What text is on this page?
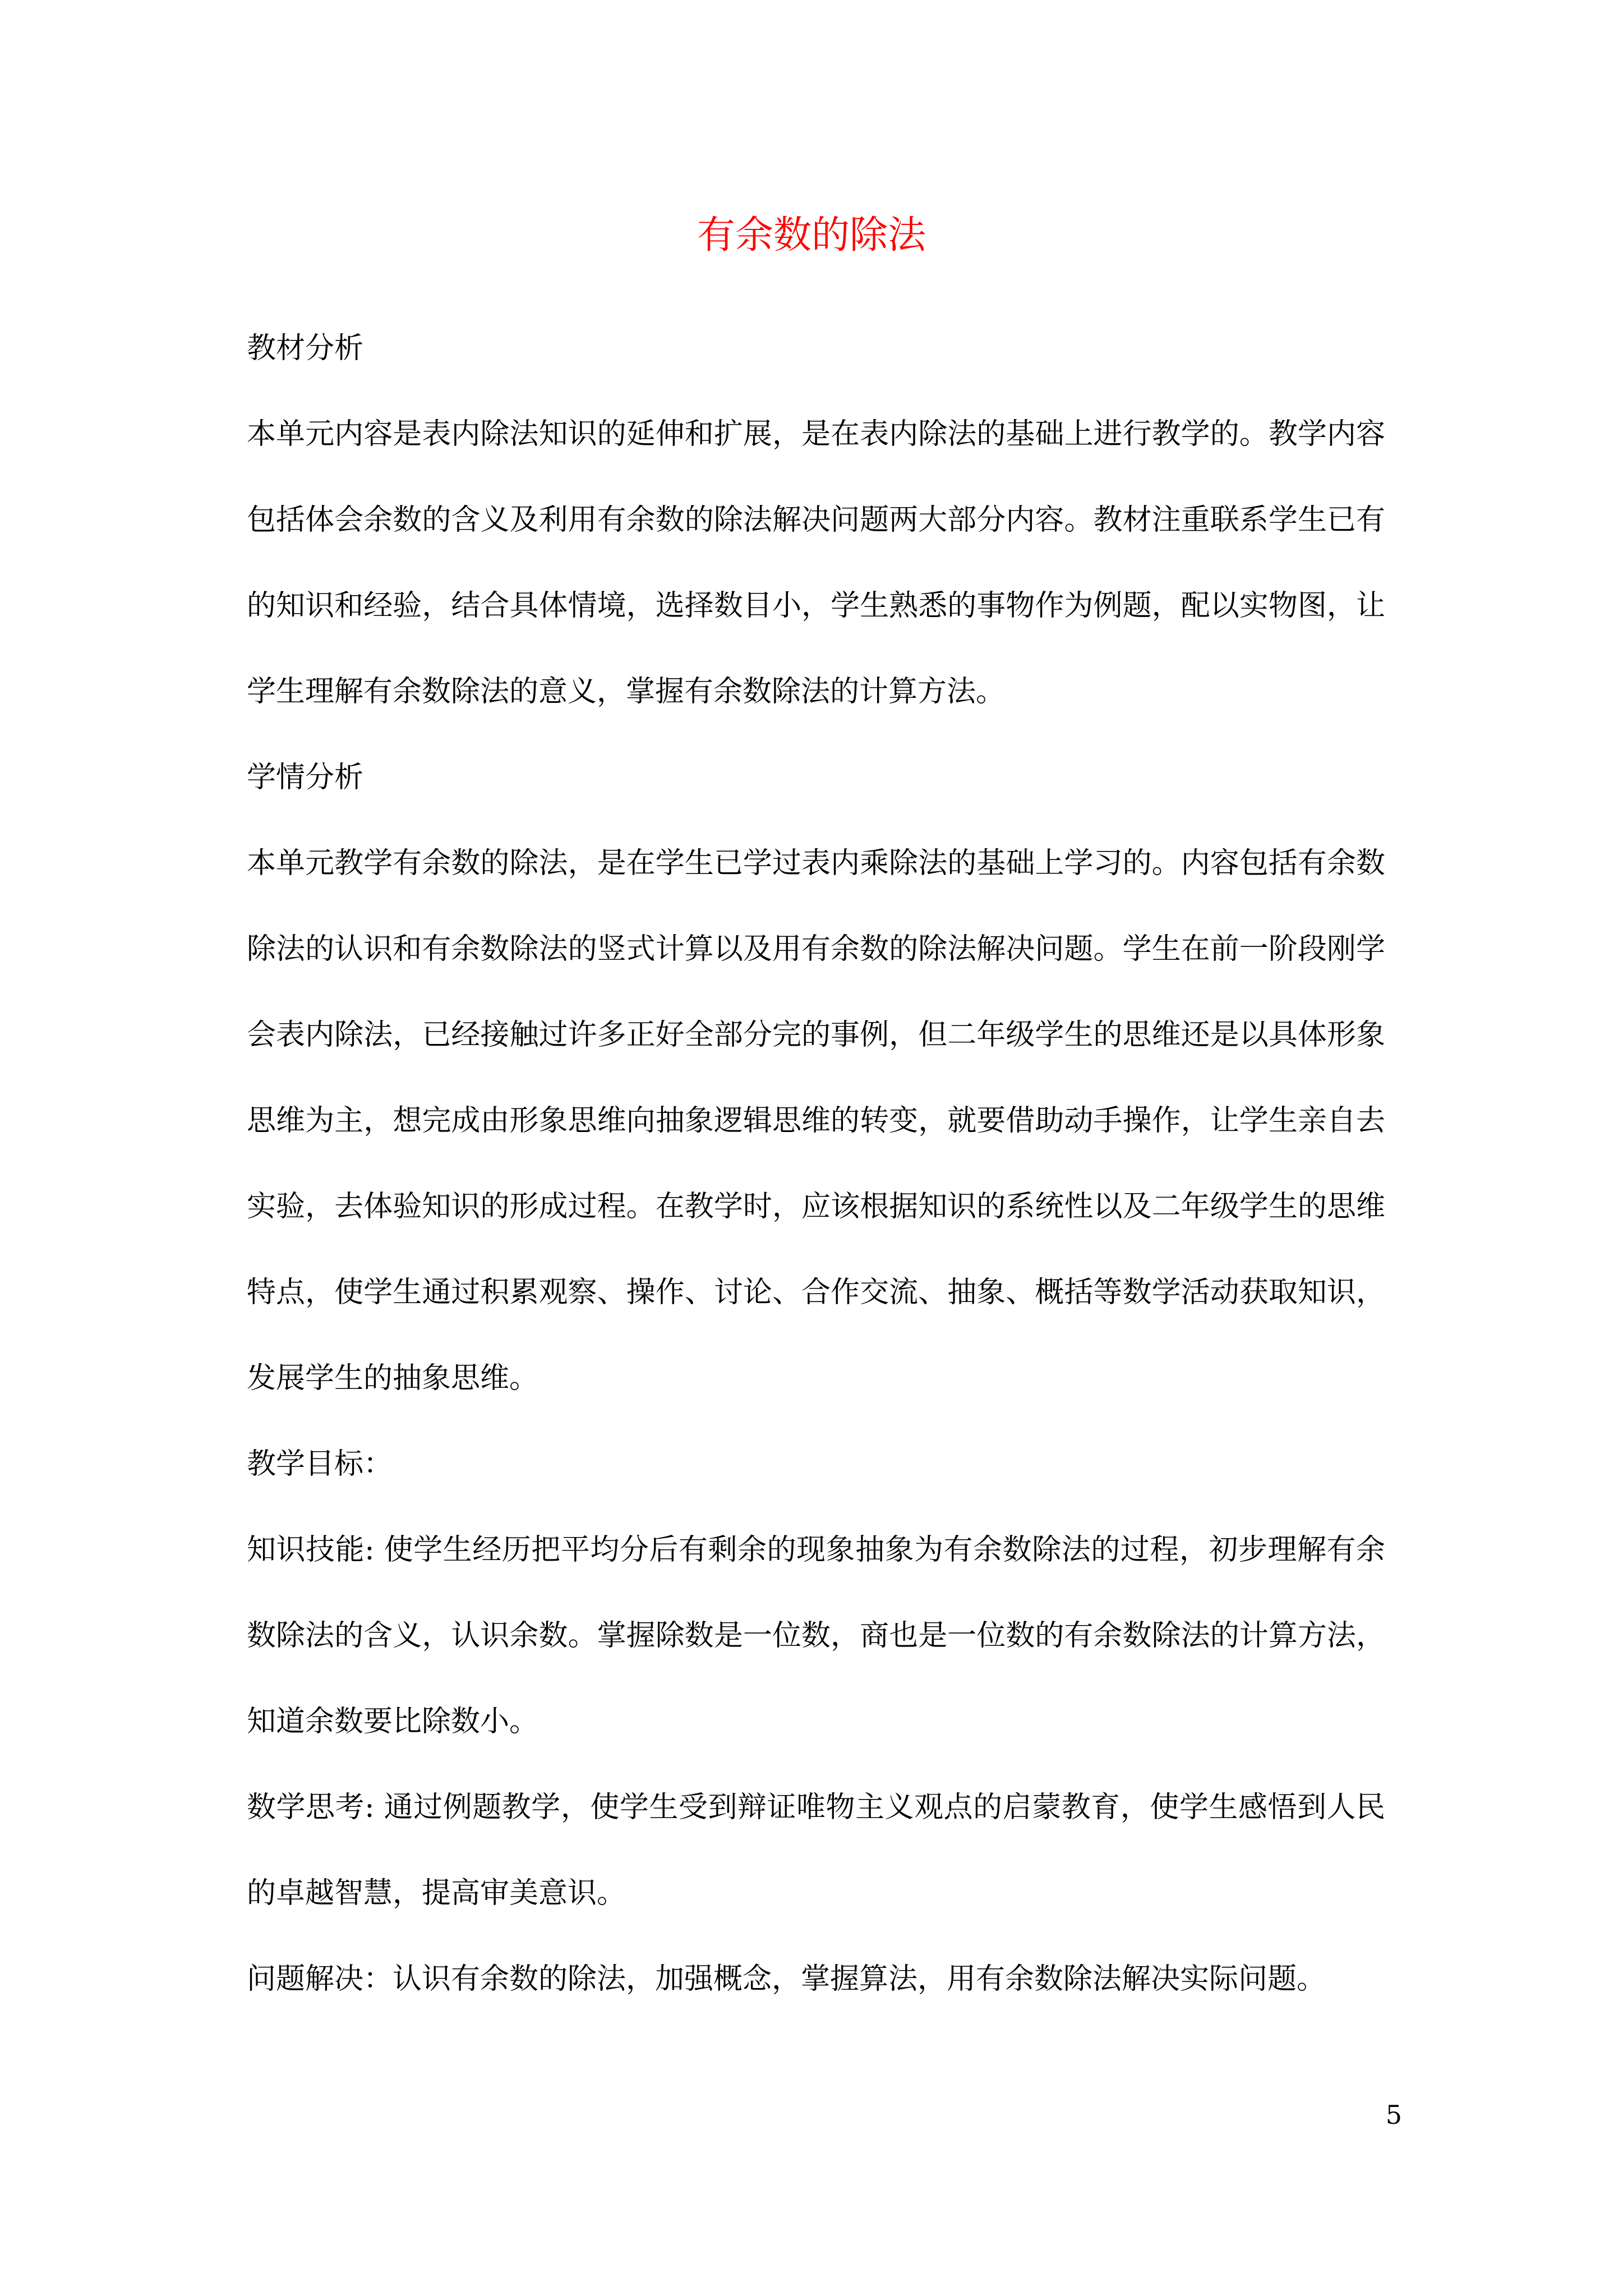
有余数的除法

教材分析

本单元内容是表内除法知识的延伸和扩展，是在表内除法的基础上进行教学的。教学内容包括体会余数的含义及利用有余数的除法解决问题两大部分内容。教材注重联系学生已有的知识和经验，结合具体情境，选择数目小，学生熟悉的事物作为例题，配以实物图，让学生理解有余数除法的意义，掌握有余数除法的计算方法。

学情分析

本单元教学有余数的除法，是在学生已学过表内乘除法的基础上学习的。内容包括有余数除法的认识和有余数除法的竖式计算以及用有余数的除法解决问题。学生在前一阶段刚学会表内除法，已经接触过许多正好全部分完的事例，但二年级学生的思维还是以具体形象思维为主，想完成由形象思维向抽象逻辑思维的转变，就要借助动手操作，让学生亲自去实验，去体验知识的形成过程。在教学时，应该根据知识的系统性以及二年级学生的思维特点，使学生通过积累观察、操作、讨论、合作交流、抽象、概括等数学活动获取知识，发展学生的抽象思维。

教学目标：

知识技能: 使学生经历把平均分后有剩余的现象抽象为有余数除法的过程，初步理解有余数除法的含义，认识余数。掌握除数是一位数，商也是一位数的有余数除法的计算方法，知道余数要比除数小。

数学思考: 通过例题教学，使学生受到辩证唯物主义观点的启蒙教育，使学生感悟到人民的卓越智慧，提高审美意识。

问题解决：认识有余数的除法，加强概念，掌握算法，用有余数除法解决实际问题。

5
